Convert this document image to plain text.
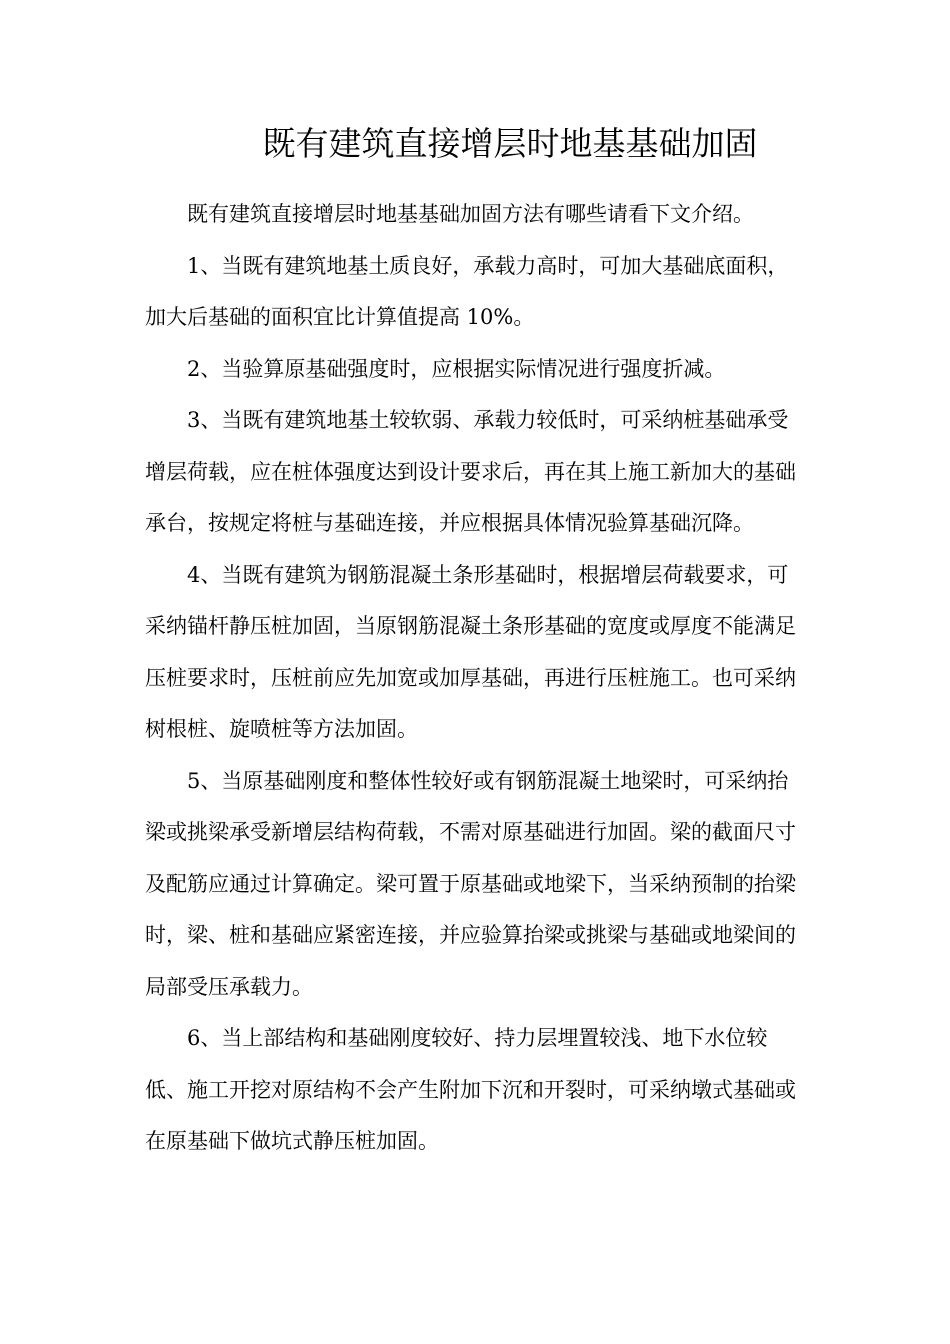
既有建筑直接增层时地基基础加固

既有建筑直接增层时地基基础加固方法有哪些请看下文介绍。

1、当既有建筑地基土质良好，承载力高时，可加大基础底面积，加大后基础的面积宜比计算值提高 10%。

2、当验算原基础强度时，应根据实际情况进行强度折减。

3、当既有建筑地基土较软弱、承载力较低时，可采纳桩基础承受增层荷载，应在桩体强度达到设计要求后，再在其上施工新加大的基础承台，按规定将桩与基础连接，并应根据具体情况验算基础沉降。

4、当既有建筑为钢筋混凝土条形基础时，根据增层荷载要求，可采纳锚杆静压桩加固，当原钢筋混凝土条形基础的宽度或厚度不能满足压桩要求时，压桩前应先加宽或加厚基础，再进行压桩施工。也可采纳树根桩、旋喷桩等方法加固。

5、当原基础刚度和整体性较好或有钢筋混凝土地梁时，可采纳抬梁或挑梁承受新增层结构荷载，不需对原基础进行加固。梁的截面尺寸及配筋应通过计算确定。梁可置于原基础或地梁下，当采纳预制的抬梁时，梁、桩和基础应紧密连接，并应验算抬梁或挑梁与基础或地梁间的局部受压承载力。

6、当上部结构和基础刚度较好、持力层埋置较浅、地下水位较低、施工开挖对原结构不会产生附加下沉和开裂时，可采纳墩式基础或在原基础下做坑式静压桩加固。
